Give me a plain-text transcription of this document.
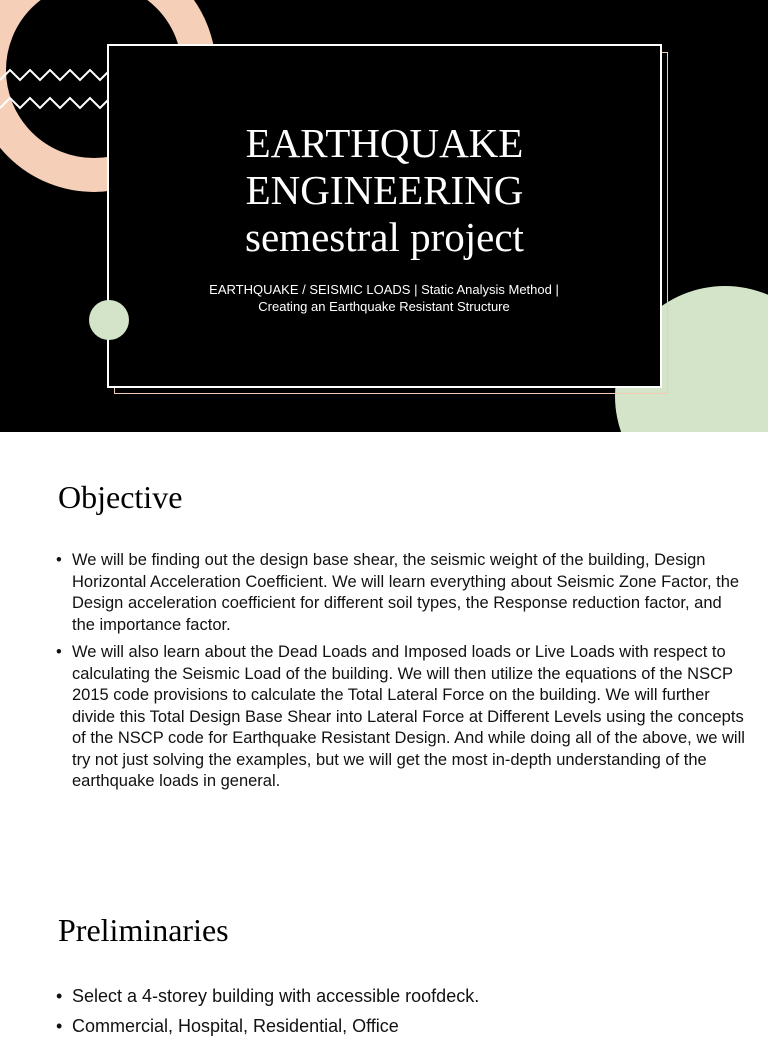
EARTHQUAKE
ENGINEERING
semestral project
EARTHQUAKE / SEISMIC LOADS | Static Analysis Method |
Creating an Earthquake Resistant Structure
Objective
• We will be finding out the design base shear, the seismic weight of the building, Design Horizontal Acceleration Coefficient. We will learn everything about Seismic Zone Factor, the Design acceleration coefficient for different soil types, the Response reduction factor, and the importance factor.
• We will also learn about the Dead Loads and Imposed loads or Live Loads with respect to calculating the Seismic Load of the building. We will then utilize the equations of the NSCP 2015 code provisions to calculate the Total Lateral Force on the building. We will further divide this Total Design Base Shear into Lateral Force at Different Levels using the concepts of the NSCP code for Earthquake Resistant Design. And while doing all of the above, we will try not just solving the examples, but we will get the most in-depth understanding of the earthquake loads in general.
Preliminaries
• Select a 4-storey building with accessible roofdeck.
• Commercial, Hospital, Residential, Office
